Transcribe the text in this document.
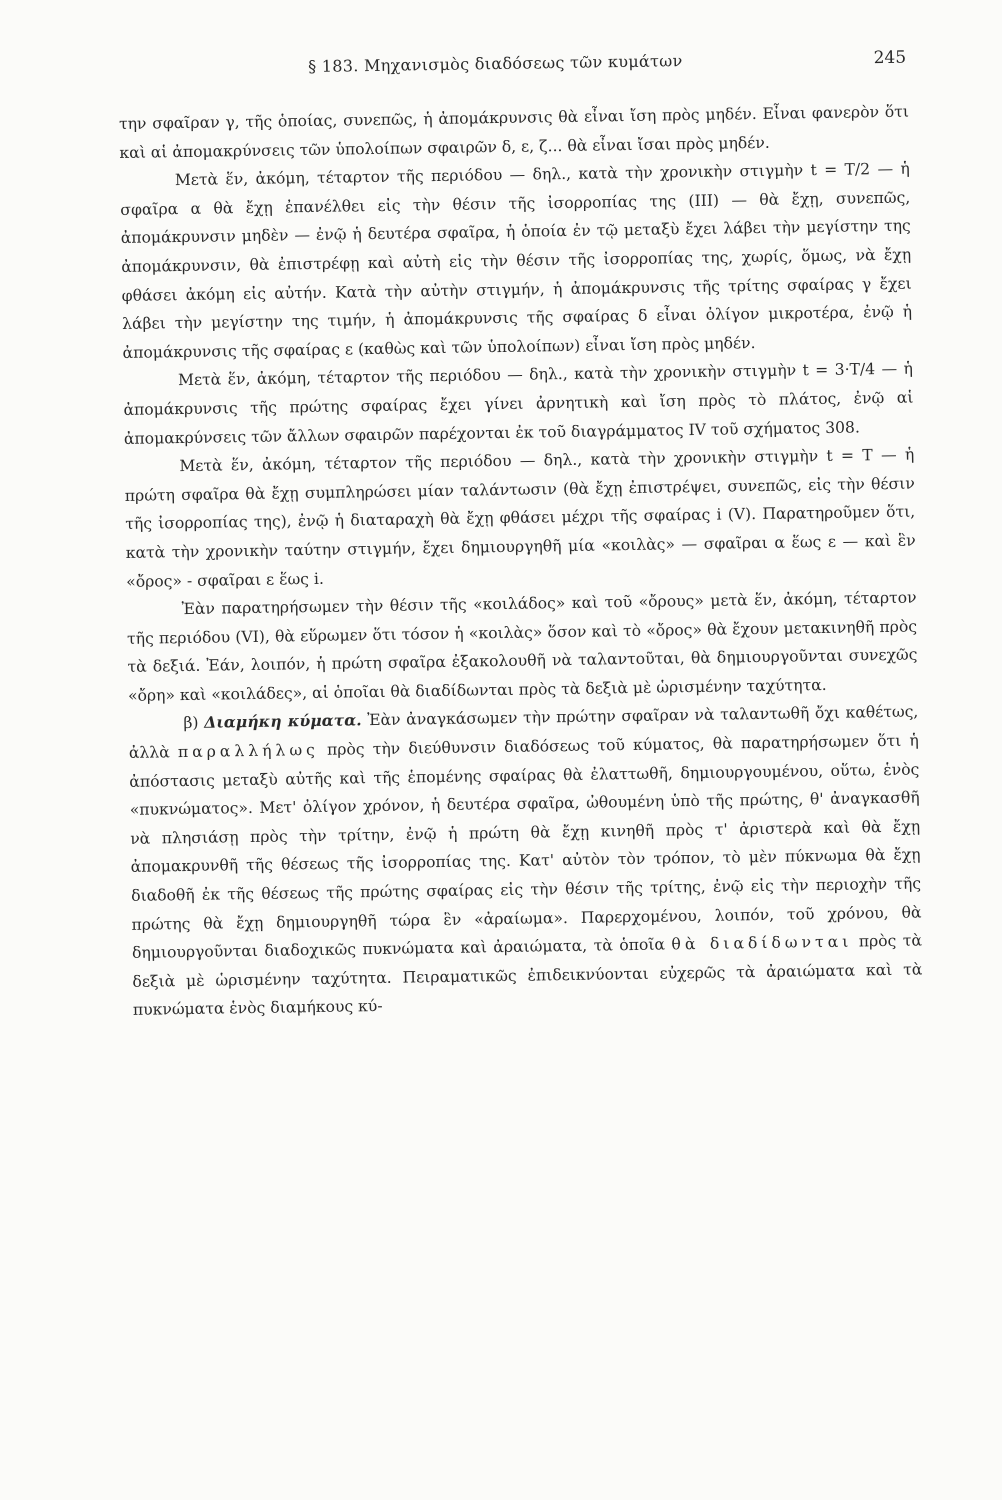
§ 183. Μηχανισμὸς διαδόσεως τῶν κυμάτων	245

την σφαῖραν γ, τῆς ὁποίας, συνεπῶς, ἡ ἀπομάκρυνσις θὰ εἶναι ἴση πρὸς μηδέν. Εἶναι φανερὸν ὅτι καὶ αἱ ἀπομακρύνσεις τῶν ὑπολοίπων σφαιρῶν δ, ε, ζ... θὰ εἶναι ἴσαι πρὸς μηδέν.

Μετὰ ἕν, ἀκόμη, τέταρτον τῆς περιόδου — δηλ., κατὰ τὴν χρονικὴν στιγμὴν t = T/2 — ἡ σφαῖρα α θὰ ἔχῃ ἐπανέλθει εἰς τὴν θέσιν τῆς ἰσορροπίας της (III) — θὰ ἔχῃ, συνεπῶς, ἀπομάκρυνσιν μηδὲν — ἐνῷ ἡ δευτέρα σφαῖρα, ἡ ὁποία ἐν τῷ μεταξὺ ἔχει λάβει τὴν μεγίστην της ἀπομάκρυνσιν, θὰ ἐπιστρέφῃ καὶ αὐτὴ εἰς τὴν θέσιν τῆς ἰσορροπίας της, χωρίς, ὅμως, νὰ ἔχῃ φθάσει ἀκόμη εἰς αὐτήν. Κατὰ τὴν αὐτὴν στιγμήν, ἡ ἀπομάκρυνσις τῆς τρίτης σφαίρας γ ἔχει λάβει τὴν μεγίστην της τιμήν, ἡ ἀπομάκρυνσις τῆς σφαίρας δ εἶναι ὀλίγον μικροτέρα, ἐνῷ ἡ ἀπομάκρυνσις τῆς σφαίρας ε (καθὼς καὶ τῶν ὑπολοίπων) εἶναι ἴση πρὸς μηδέν.

Μετὰ ἕν, ἀκόμη, τέταρτον τῆς περιόδου — δηλ., κατὰ τὴν χρονικὴν στιγμὴν t = 3·T/4 — ἡ ἀπομάκρυνσις τῆς πρώτης σφαίρας ἔχει γίνει ἀρνητικὴ καὶ ἴση πρὸς τὸ πλάτος, ἐνῷ αἱ ἀπομακρύνσεις τῶν ἄλλων σφαιρῶν παρέχονται ἐκ τοῦ διαγράμματος IV τοῦ σχήματος 308.

Μετὰ ἕν, ἀκόμη, τέταρτον τῆς περιόδου — δηλ., κατὰ τὴν χρονικὴν στιγμὴν t = T — ἡ πρώτη σφαῖρα θὰ ἔχῃ συμπληρώσει μίαν ταλάντωσιν (θὰ ἔχῃ ἐπιστρέψει, συνεπῶς, εἰς τὴν θέσιν τῆς ἰσορροπίας της), ἐνῷ ἡ διαταραχὴ θὰ ἔχῃ φθάσει μέχρι τῆς σφαίρας i (V). Παρατηροῦμεν ὅτι, κατὰ τὴν χρονικὴν ταύτην στιγμήν, ἔχει δημιουργηθῆ μία «κοιλὰς» — σφαῖραι α ἕως ε — καὶ ἓν «ὄρος» - σφαῖραι ε ἕως i.

Ἐὰν παρατηρήσωμεν τὴν θέσιν τῆς «κοιλάδος» καὶ τοῦ «ὄρους» μετὰ ἕν, ἀκόμη, τέταρτον τῆς περιόδου (VI), θὰ εὕρωμεν ὅτι τόσον ἡ «κοιλὰς» ὅσον καὶ τὸ «ὄρος» θὰ ἔχουν μετακινηθῆ πρὸς τὰ δεξιά. Ἐάν, λοιπόν, ἡ πρώτη σφαῖρα ἐξακολουθῆ νὰ ταλαντοῦται, θὰ δημιουργοῦνται συνεχῶς «ὄρη» καὶ «κοιλάδες», αἱ ὁποῖαι θὰ διαδίδωνται πρὸς τὰ δεξιὰ μὲ ὡρισμένην ταχύτητα.

β) Διαμήκη κύματα. Ἐὰν ἀναγκάσωμεν τὴν πρώτην σφαῖραν νὰ ταλαντωθῆ ὄχι καθέτως, ἀλλὰ παραλλήλως πρὸς τὴν διεύθυνσιν διαδόσεως τοῦ κύματος, θὰ παρατηρήσωμεν ὅτι ἡ ἀπόστασις μεταξὺ αὐτῆς καὶ τῆς ἑπομένης σφαίρας θὰ ἐλαττωθῆ, δημιουργουμένου, οὕτω, ἑνὸς «πυκνώματος». Μετ' ὀλίγον χρόνον, ἡ δευτέρα σφαῖρα, ὠθουμένη ὑπὸ τῆς πρώτης, θ' ἀναγκασθῆ νὰ πλησιάσῃ πρὸς τὴν τρίτην, ἐνῷ ἡ πρώτη θὰ ἔχῃ κινηθῆ πρὸς τ' ἀριστερὰ καὶ θὰ ἔχῃ ἀπομακρυνθῆ τῆς θέσεως τῆς ἰσορροπίας της. Κατ' αὐτὸν τὸν τρόπον, τὸ μὲν πύκνωμα θὰ ἔχῃ διαδοθῆ ἐκ τῆς θέσεως τῆς πρώτης σφαίρας εἰς τὴν θέσιν τῆς τρίτης, ἐνῷ εἰς τὴν περιοχὴν τῆς πρώτης θὰ ἔχῃ δημιουργηθῆ τώρα ἓν «ἀραίωμα». Παρερχομένου, λοιπόν, τοῦ χρόνου, θὰ δημιουργοῦνται διαδοχικῶς πυκνώματα καὶ ἀραιώματα, τὰ ὁποῖα θὰ διαδίδωνται πρὸς τὰ δεξιὰ μὲ ὡρισμένην ταχύτητα. Πειραματικῶς ἐπιδεικνύονται εὐχερῶς τὰ ἀραιώματα καὶ τὰ πυκνώματα ἑνὸς διαμήκους κύ-
